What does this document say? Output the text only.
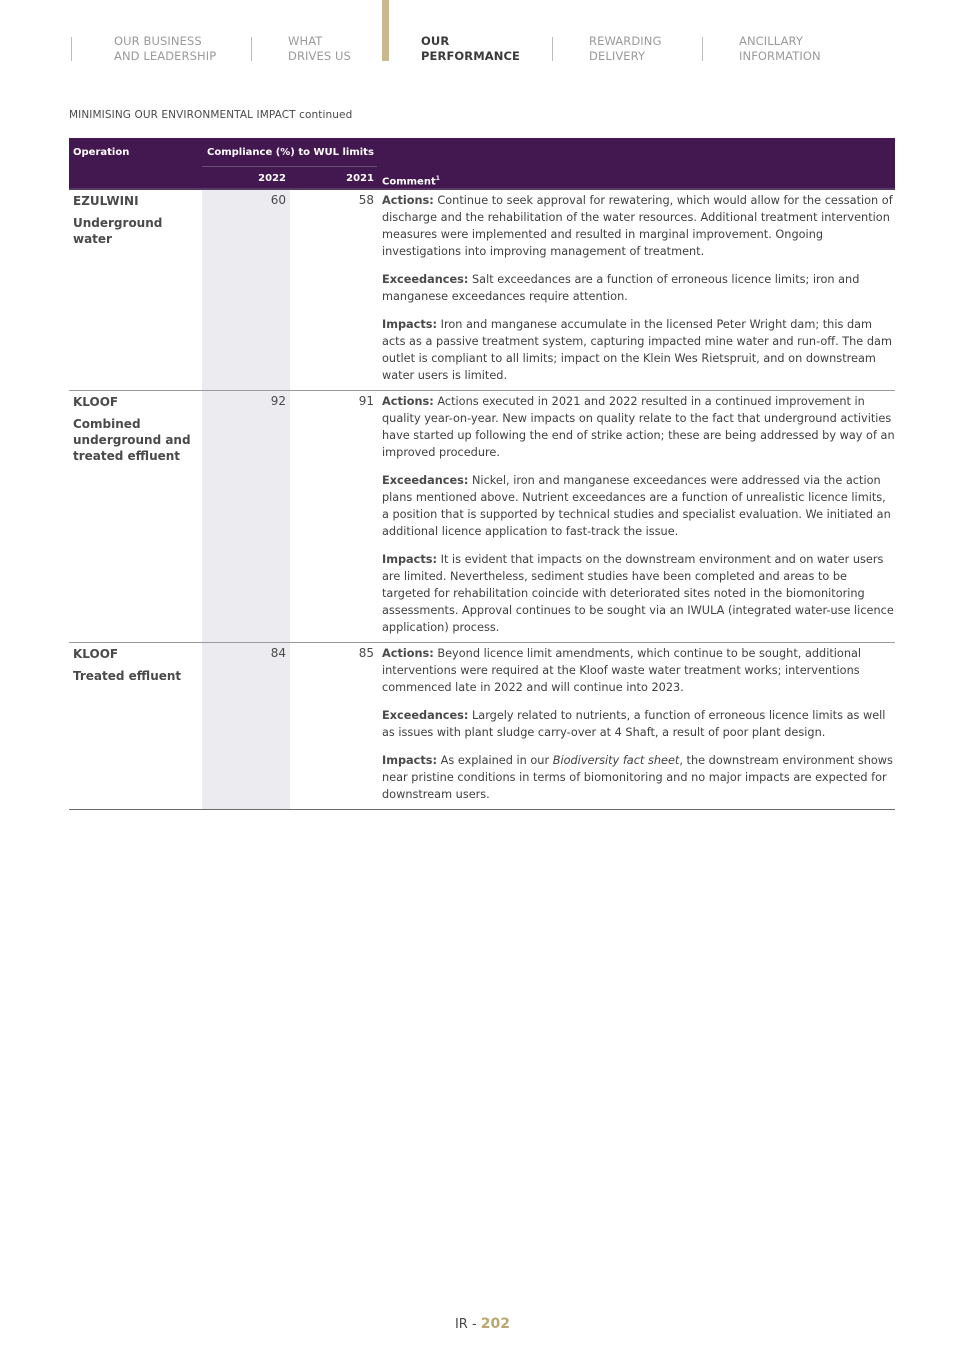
OUR BUSINESS
AND LEADERSHIP
WHAT
DRIVES US
OUR
PERFORMANCE
REWARDING
DELIVERY
ANCILLARY
INFORMATION
MINIMISING OUR ENVIRONMENTAL IMPACT continued
Operation	Compliance (%) to WUL limits
2022	2021 Comment$^1$
EZULWINI
Underground water
60	58 Actions: Continue to seek approval for rewatering, which would allow for the cessation of discharge and the rehabilitation of the water resources. Additional treatment intervention measures were implemented and resulted in marginal improvement. Ongoing investigations into improving management of treatment.

Exceedances: Salt exceedances are a function of erroneous licence limits; iron and manganese exceedances require attention.

Impacts: Iron and manganese accumulate in the licensed Peter Wright dam; this dam acts as a passive treatment system, capturing impacted mine water and run-off. The dam outlet is compliant to all limits; impact on the Klein Wes Rietspruit, and on downstream water users is limited.

KLOOF
Combined underground and treated effluent
92	91 Actions: Actions executed in 2021 and 2022 resulted in a continued improvement in quality year-on-year. New impacts on quality relate to the fact that underground activities have started up following the end of strike action; these are being addressed by way of an improved procedure.

Exceedances: Nickel, iron and manganese exceedances were addressed via the action plans mentioned above. Nutrient exceedances are a function of unrealistic licence limits, a position that is supported by technical studies and specialist evaluation. We initiated an additional licence application to fast-track the issue.

Impacts: It is evident that impacts on the downstream environment and on water users are limited. Nevertheless, sediment studies have been completed and areas to be targeted for rehabilitation coincide with deteriorated sites noted in the biomonitoring assessments. Approval continues to be sought via an IWULA (integrated water-use licence application) process.

KLOOF
Treated effluent
84	85 Actions: Beyond licence limit amendments, which continue to be sought, additional interventions were required at the Kloof waste water treatment works; interventions commenced late in 2022 and will continue into 2023.

Exceedances: Largely related to nutrients, a function of erroneous licence limits as well as issues with plant sludge carry-over at 4 Shaft, a result of poor plant design.

Impacts: As explained in our Biodiversity fact sheet, the downstream environment shows near pristine conditions in terms of biomonitoring and no major impacts are expected for downstream users.

IR - 202
